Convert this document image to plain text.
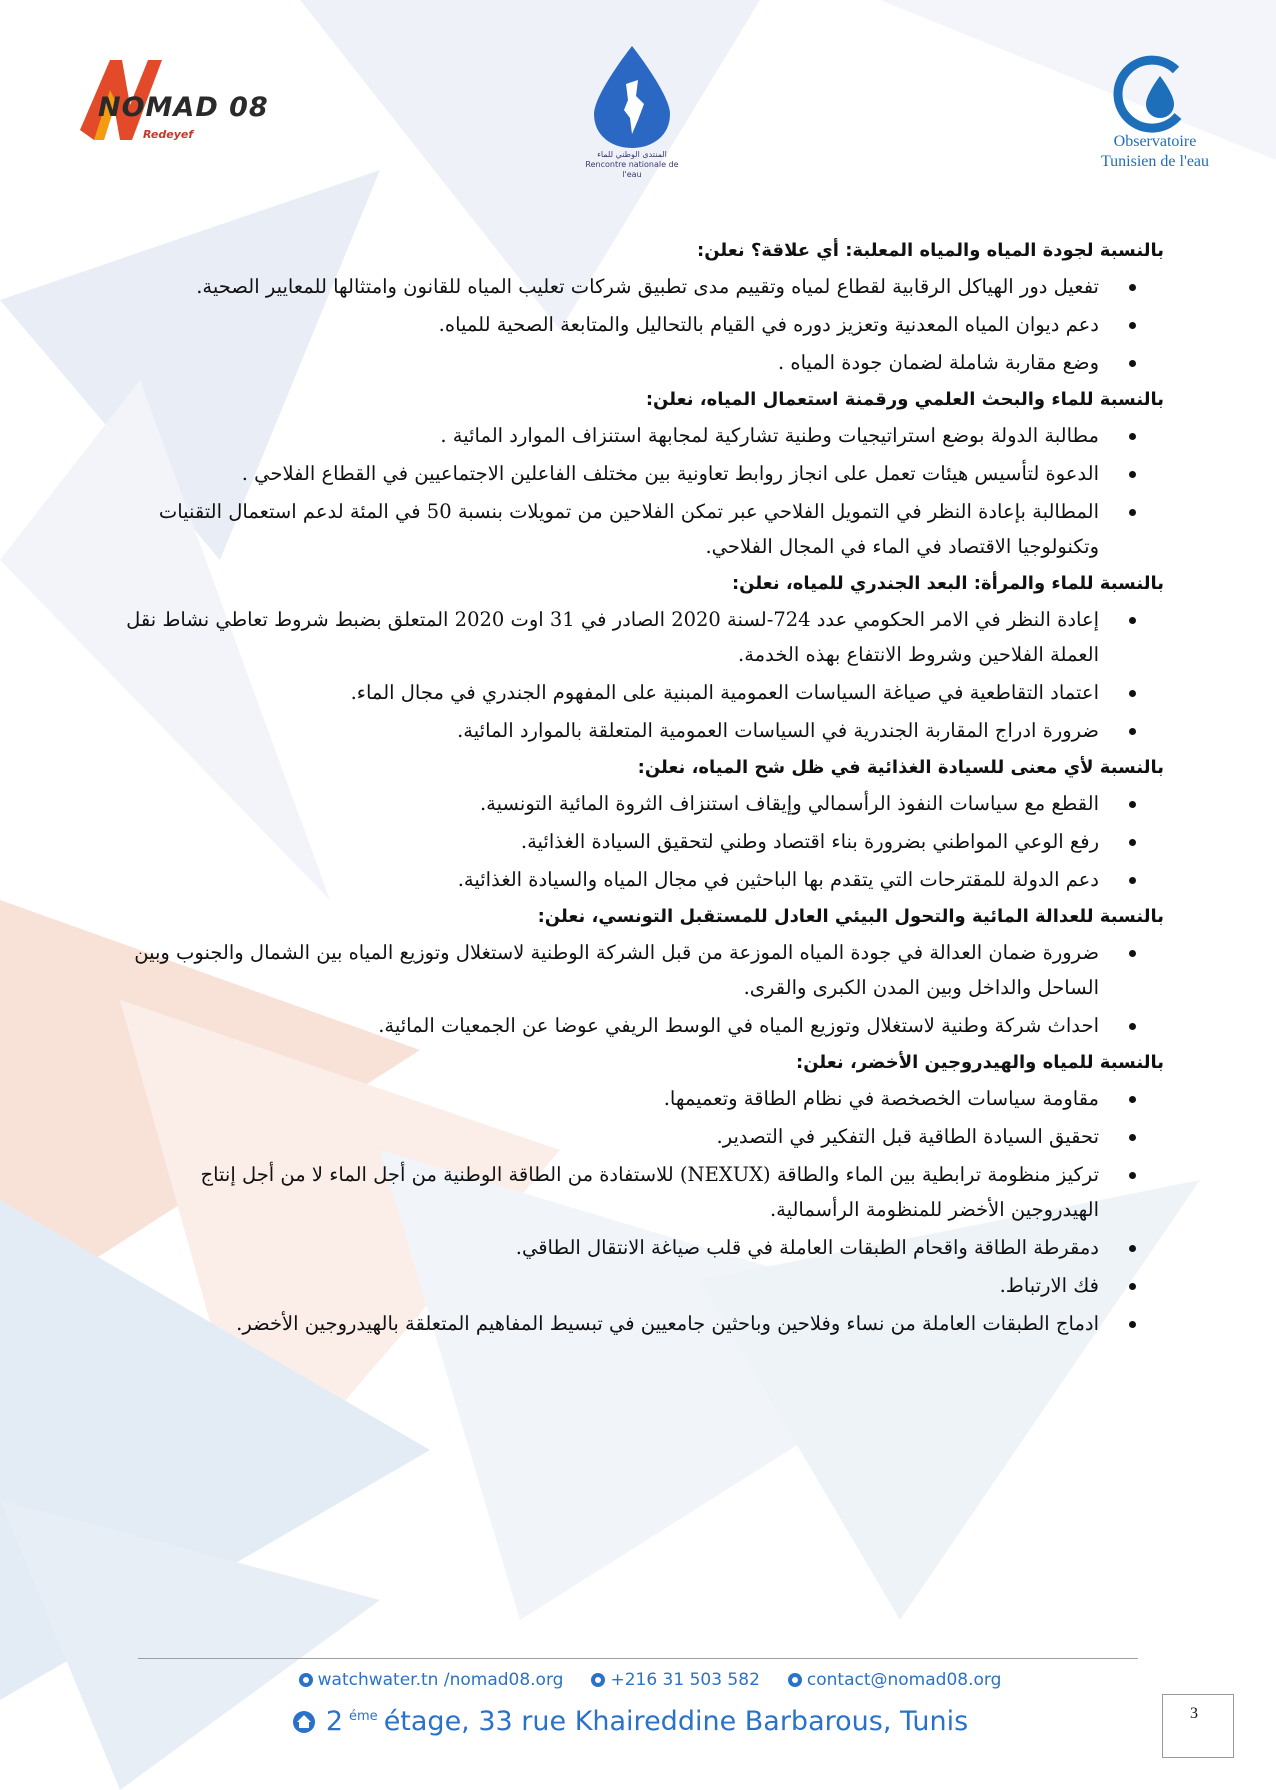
NOMAD 08
Redeyef
المنتدى الوطني للماء
Rencontre nationale de l'eau
Observatoire
Tunisien de l'eau
بالنسبة لجودة المياه والمياه المعلبة: أي علاقة؟ نعلن:
تفعيل دور الهياكل الرقابية لقطاع لمياه وتقييم مدى تطبيق شركات تعليب المياه للقانون وامتثالها للمعايير الصحية.
دعم ديوان المياه المعدنية وتعزيز دوره في القيام بالتحاليل والمتابعة الصحية للمياه.
وضع مقاربة شاملة لضمان جودة المياه .
بالنسبة للماء والبحث العلمي ورقمنة استعمال المياه، نعلن:
مطالبة الدولة بوضع استراتيجيات وطنية تشاركية لمجابهة استنزاف الموارد المائية .
الدعوة لتأسيس هيئات تعمل على انجاز روابط تعاونية بين مختلف الفاعلين الاجتماعيين في القطاع الفلاحي .
المطالبة بإعادة النظر في التمويل الفلاحي عبر تمكن الفلاحين من تمويلات بنسبة 50 في المئة لدعم استعمال التقنيات وتكنولوجيا الاقتصاد في الماء في المجال الفلاحي.
بالنسبة للماء والمرأة: البعد الجندري للمياه، نعلن:
إعادة النظر في الامر الحكومي عدد 724-لسنة 2020 الصادر في 31 اوت 2020 المتعلق بضبط شروط تعاطي نشاط نقل العملة الفلاحين وشروط الانتفاع بهذه الخدمة.
اعتماد التقاطعية في صياغة السياسات العمومية المبنية على المفهوم الجندري في مجال الماء.
ضرورة ادراج المقاربة الجندرية في السياسات العمومية المتعلقة بالموارد المائية.
بالنسبة لأي معنى للسيادة الغذائية في ظل شح المياه، نعلن:
القطع مع سياسات النفوذ الرأسمالي وإيقاف استنزاف الثروة المائية التونسية.
رفع الوعي المواطني بضرورة بناء اقتصاد وطني لتحقيق السيادة الغذائية.
دعم الدولة للمقترحات التي يتقدم بها الباحثين في مجال المياه والسيادة الغذائية.
بالنسبة للعدالة المائية والتحول البيئي العادل للمستقبل التونسي، نعلن:
ضرورة ضمان العدالة في جودة المياه الموزعة من قبل الشركة الوطنية لاستغلال وتوزيع المياه بين الشمال والجنوب وبين الساحل والداخل وبين المدن الكبرى والقرى.
احداث شركة وطنية لاستغلال وتوزيع المياه في الوسط الريفي عوضا عن الجمعيات المائية.
بالنسبة للمياه والهيدروجين الأخضر، نعلن:
مقاومة سياسات الخصخصة في نظام الطاقة وتعميمها.
تحقيق السيادة الطاقية قبل التفكير في التصدير.
تركيز منظومة ترابطية بين الماء والطاقة (NEXUX) للاستفادة من الطاقة الوطنية من أجل الماء لا من أجل إنتاج الهيدروجين الأخضر للمنظومة الرأسمالية.
دمقرطة الطاقة واقحام الطبقات العاملة في قلب صياغة الانتقال الطاقي.
فك الارتباط.
ادماج الطبقات العاملة من نساء وفلاحين وباحثين جامعيين في تبسيط المفاهيم المتعلقة بالهيدروجين الأخضر.
watchwater.tn /nomad08.org	+216 31 503 582	contact@nomad08.org
2 $^{éme}$ étage, 33 rue Khaireddine Barbarous, Tunis	3
